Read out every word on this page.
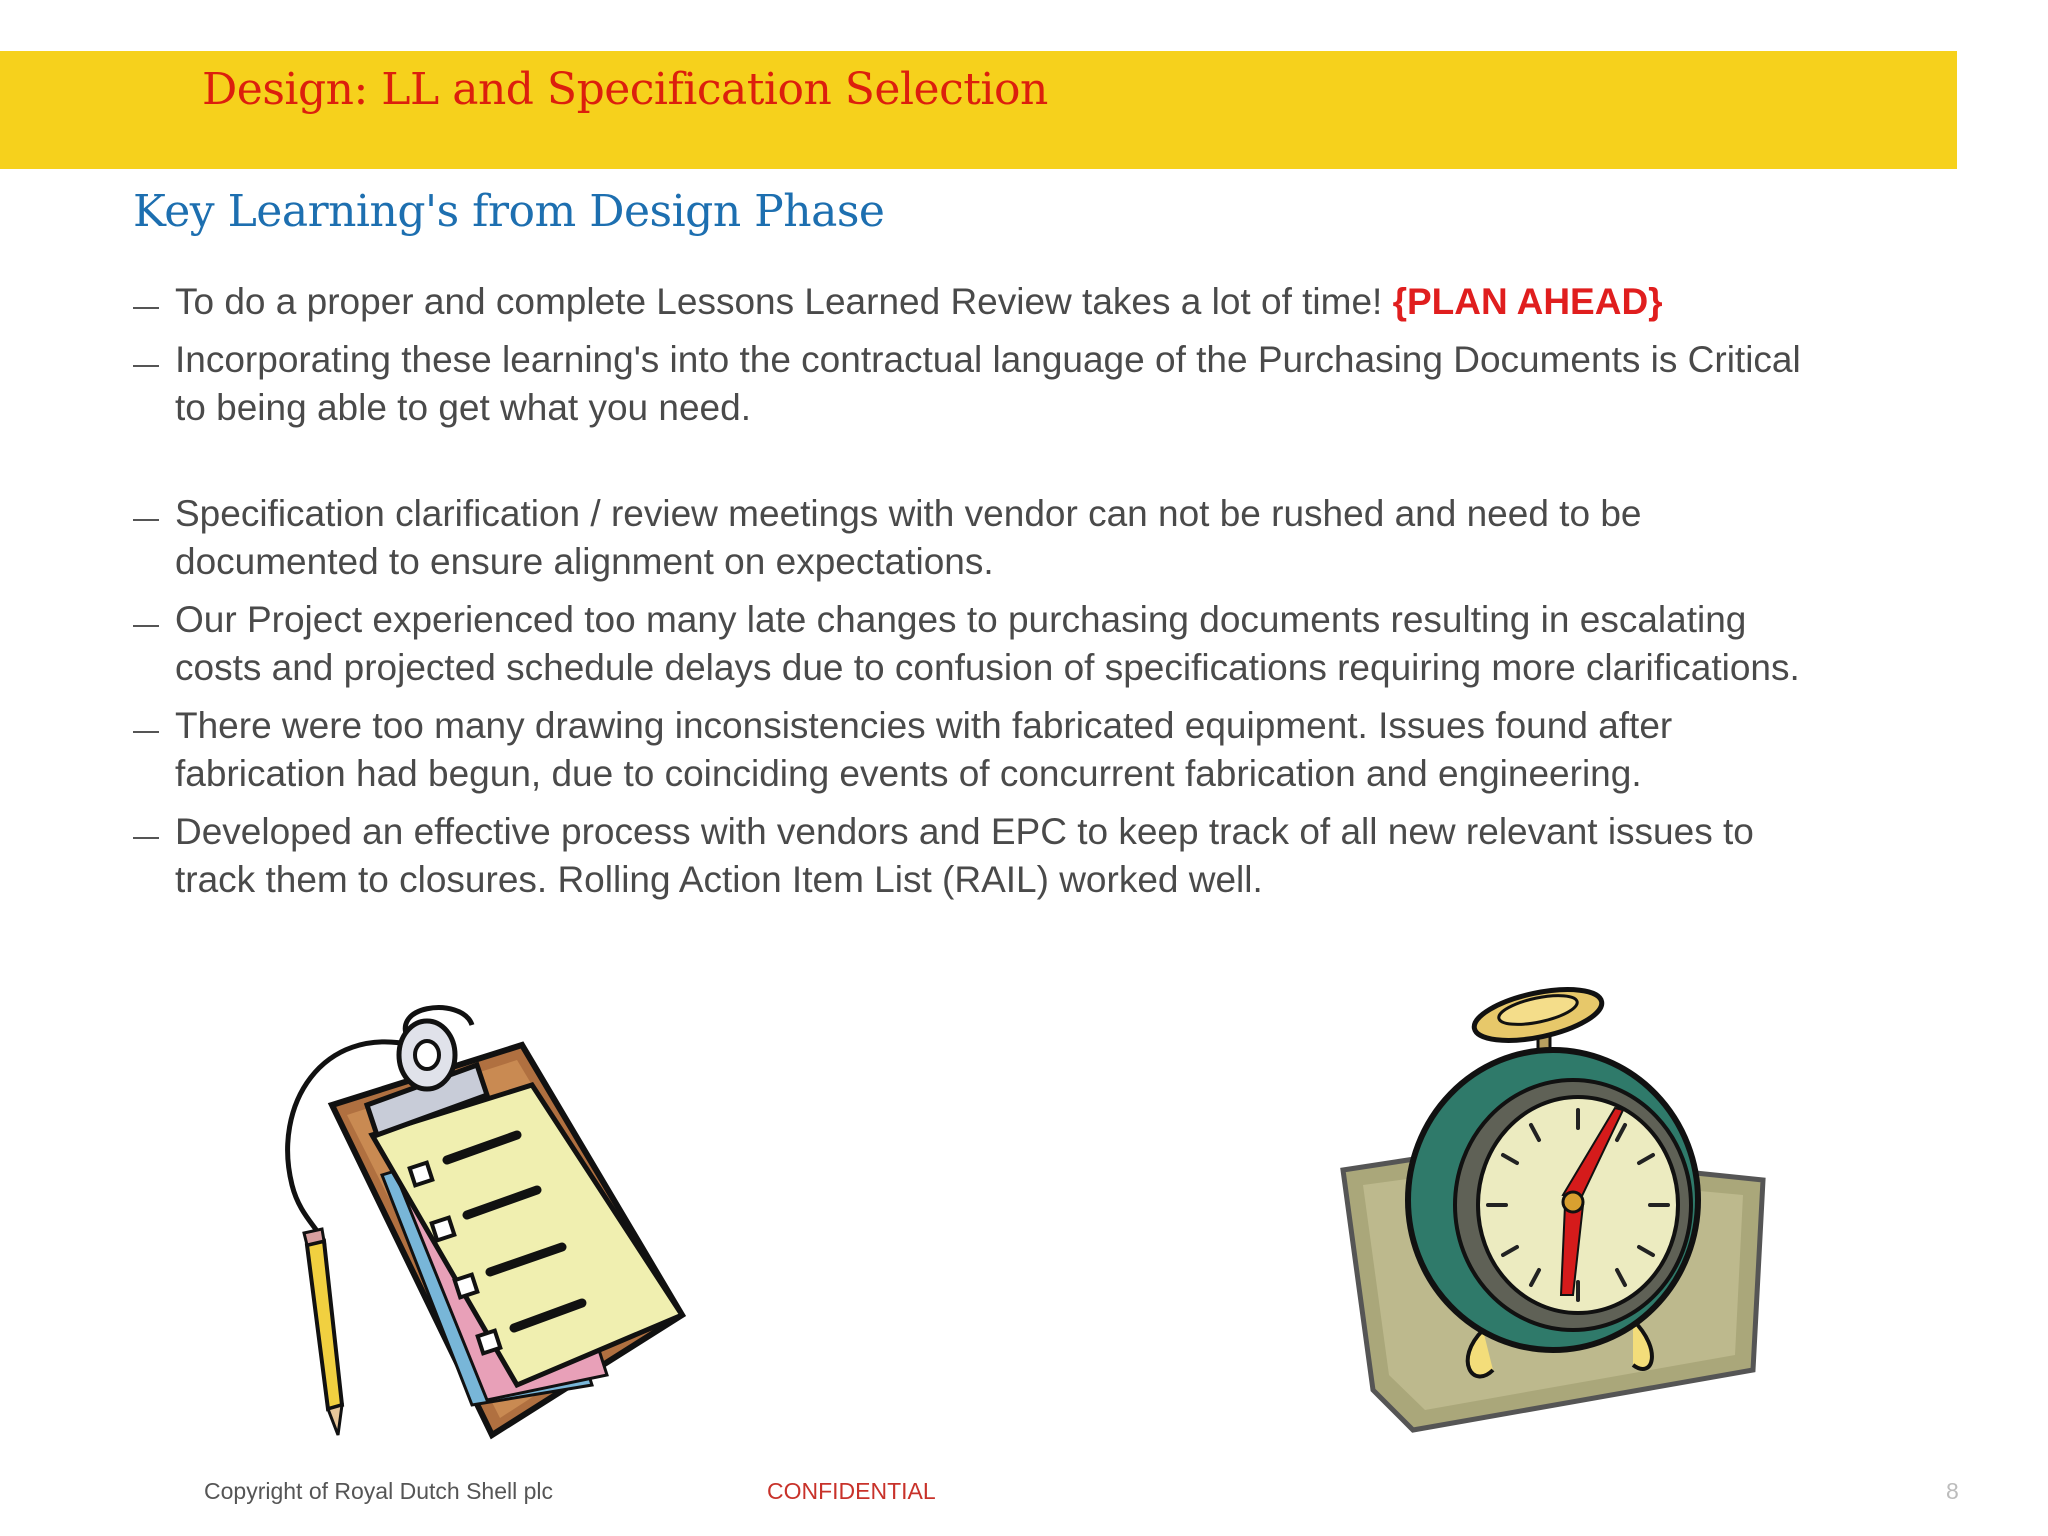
Design: LL and Specification Selection
Key Learning's from Design Phase
To do a proper and complete Lessons Learned Review takes a lot of time! {PLAN AHEAD}
Incorporating these learning's into the contractual language of the Purchasing Documents is Critical to being able to get what you need.
Specification clarification / review meetings with vendor can not be rushed and need to be documented to ensure alignment on expectations.
Our Project experienced too many late changes to purchasing documents resulting in escalating costs and projected schedule delays due to confusion of specifications requiring more clarifications.
There were too many drawing inconsistencies with fabricated equipment. Issues found after fabrication had begun, due to coinciding events of concurrent fabrication and engineering.
Developed an effective process with vendors and EPC to keep track of all new relevant issues to track them to closures. Rolling Action Item List (RAIL) worked well.
Copyright of Royal Dutch Shell plc	CONFIDENTIAL	8
